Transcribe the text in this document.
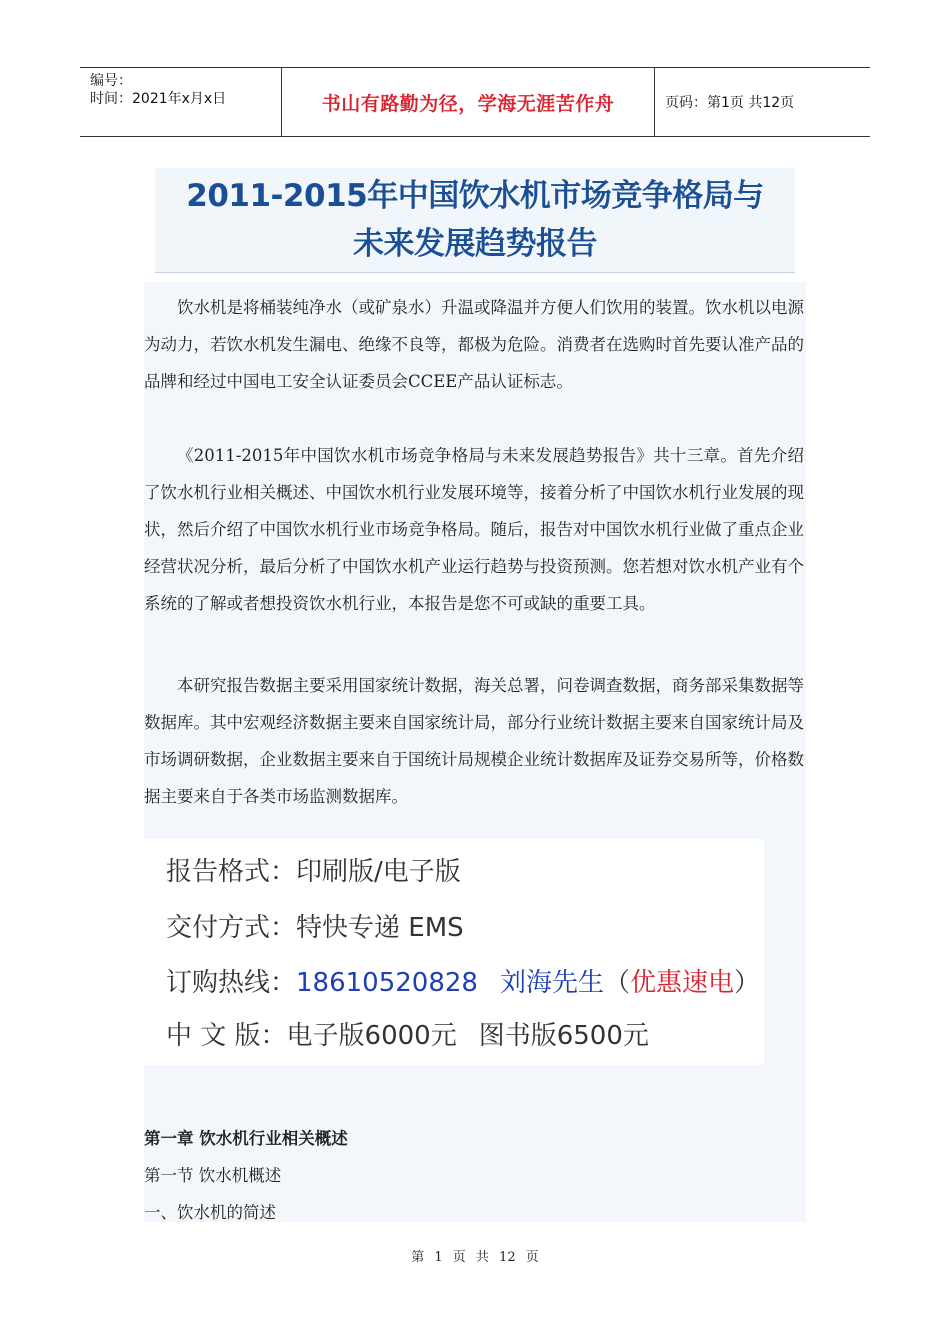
编号：
时间：2021年x月x日	书山有路勤为径，学海无涯苦作舟	页码：第1页 共12页
2011-2015年中国饮水机市场竞争格局与
未来发展趋势报告

饮水机是将桶装纯净水（或矿泉水）升温或降温并方便人们饮用的装置。饮水机以电源为动力，若饮水机发生漏电、绝缘不良等，都极为危险。消费者在选购时首先要认准产品的品牌和经过中国电工安全认证委员会CCEE产品认证标志。

《2011-2015年中国饮水机市场竞争格局与未来发展趋势报告》共十三章。首先介绍了饮水机行业相关概述、中国饮水机行业发展环境等，接着分析了中国饮水机行业发展的现状，然后介绍了中国饮水机行业市场竞争格局。随后，报告对中国饮水机行业做了重点企业经营状况分析，最后分析了中国饮水机产业运行趋势与投资预测。您若想对饮水机产业有个系统的了解或者想投资饮水机行业，本报告是您不可或缺的重要工具。

本研究报告数据主要采用国家统计数据，海关总署，问卷调查数据，商务部采集数据等数据库。其中宏观经济数据主要来自国家统计局，部分行业统计数据主要来自国家统计局及市场调研数据，企业数据主要来自于国统计局规模企业统计数据库及证券交易所等，价格数据主要来自于各类市场监测数据库。

报告格式：印刷版/电子版
交付方式：特快专递 EMS
订购热线：18610520828 刘海先生（优惠速电）
中 文 版：电子版6000元 图书版6500元

第一章 饮水机行业相关概述

第一节 饮水机概述

一、饮水机的简述

第 1 页 共 12 页
